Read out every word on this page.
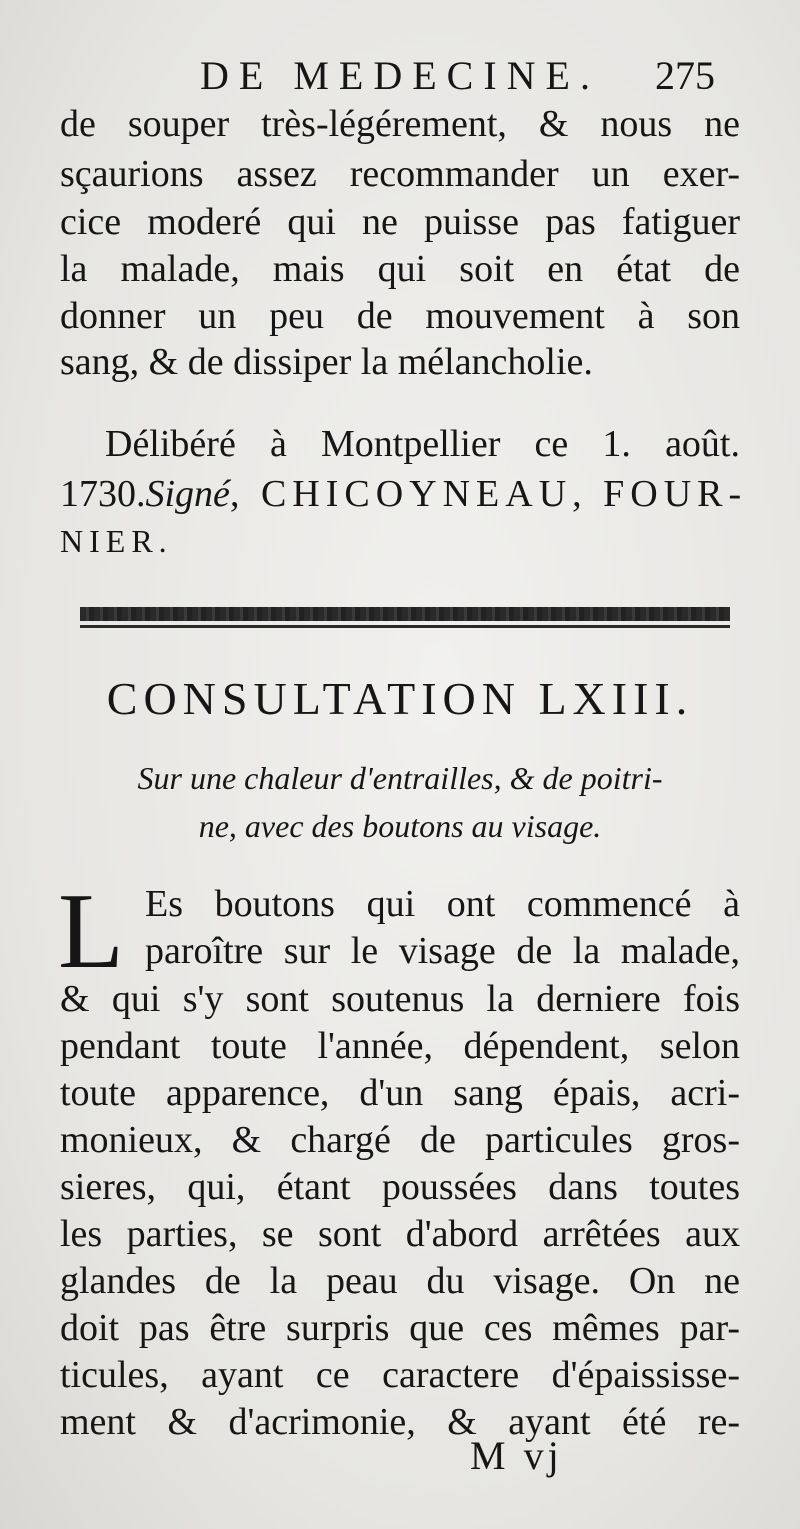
DE MEDECINE. 275
de souper très-légérement, & nous ne
sçaurions assez recommander un exer-
cice moderé qui ne puisse pas fatiguer
la malade, mais qui soit en état de
donner un peu de mouvement à son
sang, & de dissiper la mélancholie.
Délibéré à Montpellier ce 1. août.
1730.Signé, CHICOYNEAU, FOUR-
NIER.
CONSULTATION LXIII.
Sur une chaleur d'entrailles, & de poitri-
ne, avec des boutons au visage.
L Es boutons qui ont commencé à
paroître sur le visage de la malade,
& qui s'y sont soutenus la derniere fois
pendant toute l'année, dépendent, selon
toute apparence, d'un sang épais, acri-
monieux, & chargé de particules gros-
sieres, qui, étant poussées dans toutes
les parties, se sont d'abord arrêtées aux
glandes de la peau du visage. On ne
doit pas être surpris que ces mêmes par-
ticules, ayant ce caractere d'épaississe-
ment & d'acrimonie, & ayant été re-
M vj
